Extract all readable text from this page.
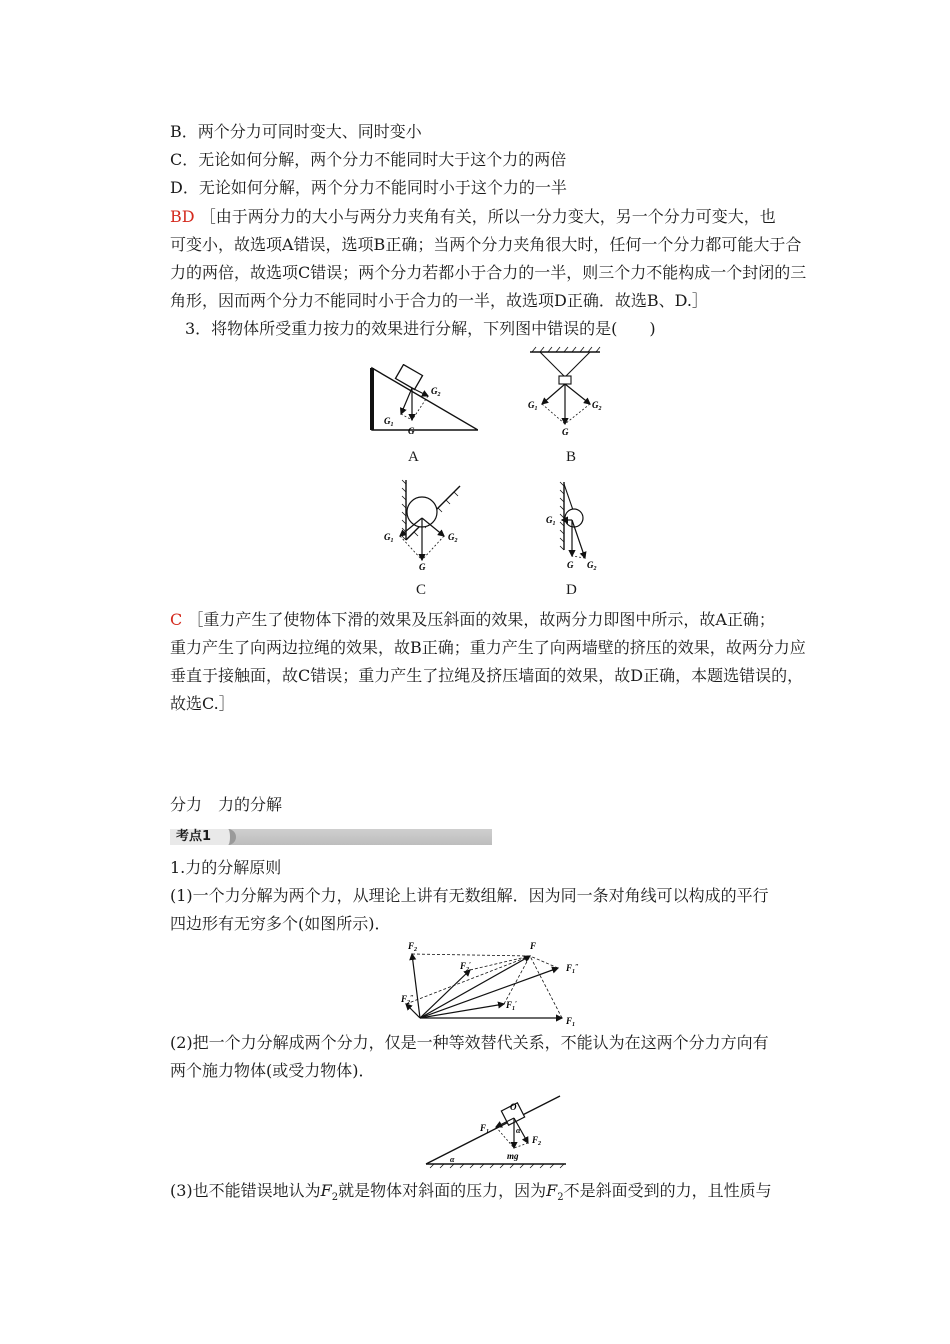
B．两个分力可同时变大、同时变小
C．无论如何分解，两个分力不能同时大于这个力的两倍
D．无论如何分解，两个分力不能同时小于这个力的一半
BD ［由于两分力的大小与两分力夹角有关，所以一分力变大，另一个分力可变大，也
可变小，故选项A错误，选项B正确；当两个分力夹角很大时，任何一个分力都可能大于合
力的两倍，故选项C错误；两个分力若都小于合力的一半，则三个力不能构成一个封闭的三
角形，因而两个分力不能同时小于合力的一半，故选项D正确．故选B、D.］
3．将物体所受重力按力的效果进行分解，下列图中错误的是(　　)
$G_2$
$G_1$
G
A
$G_1$	$G_2$
G
B
$G_1$	$G_2$
G
C
$G_1$
$G_2$
G
D
C ［重力产生了使物体下滑的效果及压斜面的效果，故两分力即图中所示，故A正确；
重力产生了向两边拉绳的效果，故B正确；重力产生了向两墙壁的挤压的效果，故两分力应
垂直于接触面，故C错误；重力产生了拉绳及挤压墙面的效果，故D正确，本题选错误的，
故选C.］
分力　力的分解
考点1
1.力的分解原则
(1)一个力分解为两个力，从理论上讲有无数组解．因为同一条对角线可以构成的平行
四边形有无穷多个(如图所示)．
$F_2$	F
$F_2'$	$F_1''$
$F_2''$
$F_1'$
$F_1$
(2)把一个力分解成两个分力，仅是一种等效替代关系，不能认为在这两个分力方向有
两个施力物体(或受力物体)．
O
$F_1$
$F_2$
mg
α
α
(3)也不能错误地认为$F_2$就是物体对斜面的压力，因为$F_2$不是斜面受到的力，且性质与
